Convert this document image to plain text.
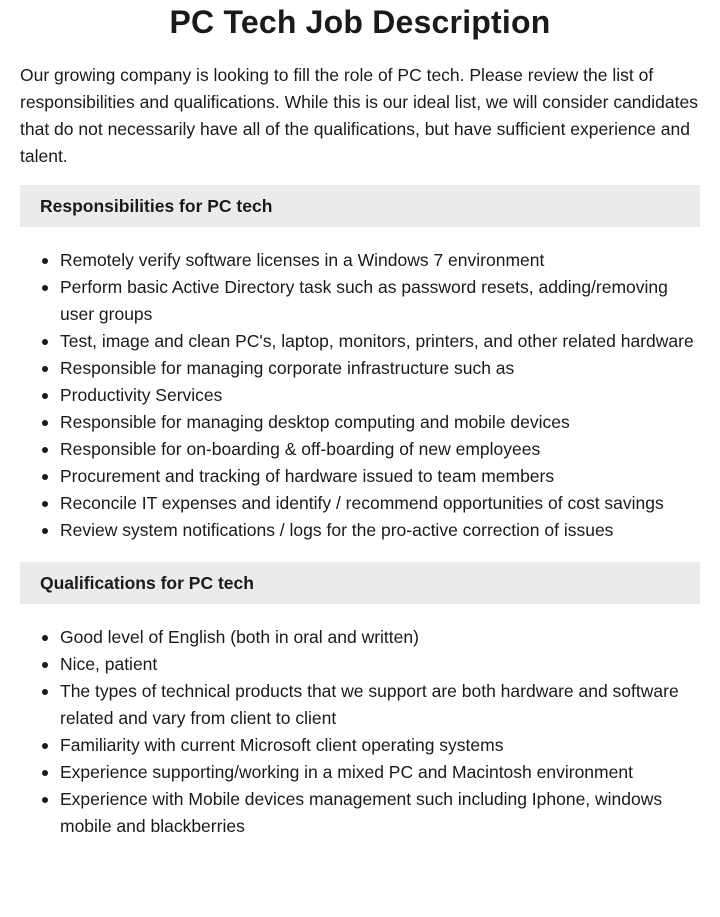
PC Tech Job Description

Our growing company is looking to fill the role of PC tech. Please review the list of responsibilities and qualifications. While this is our ideal list, we will consider candidates that do not necessarily have all of the qualifications, but have sufficient experience and talent.

Responsibilities for PC tech
Remotely verify software licenses in a Windows 7 environment
Perform basic Active Directory task such as password resets, adding/removing user groups
Test, image and clean PC's, laptop, monitors, printers, and other related hardware
Responsible for managing corporate infrastructure such as
Productivity Services
Responsible for managing desktop computing and mobile devices
Responsible for on-boarding & off-boarding of new employees
Procurement and tracking of hardware issued to team members
Reconcile IT expenses and identify / recommend opportunities of cost savings
Review system notifications / logs for the pro-active correction of issues
Qualifications for PC tech
Good level of English (both in oral and written)
Nice, patient
The types of technical products that we support are both hardware and software related and vary from client to client
Familiarity with current Microsoft client operating systems
Experience supporting/working in a mixed PC and Macintosh environment
Experience with Mobile devices management such including Iphone, windows mobile and blackberries
